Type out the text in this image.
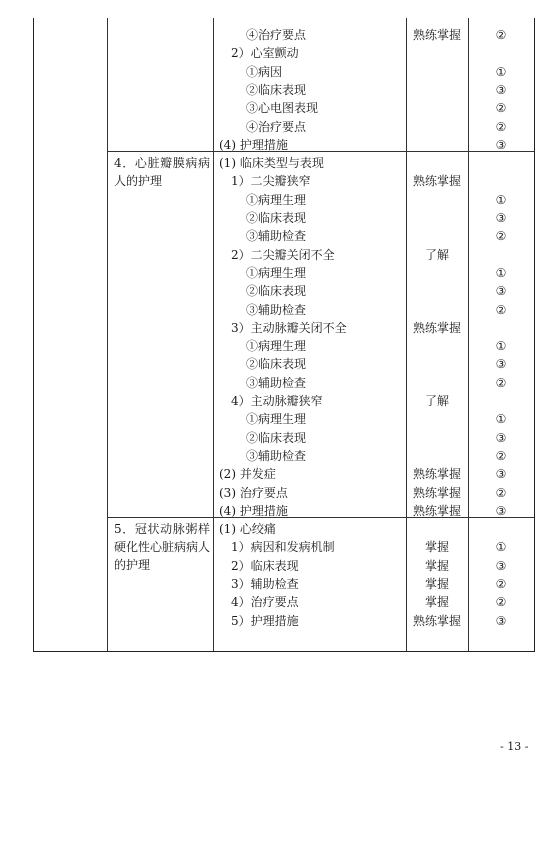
④治疗要点	熟练掌握	②
2）心室颤动
①病因	①
②临床表现	③
③心电图表现	②
④治疗要点	②
(4) 护理措施	③
4．心脏瓣膜病病人的护理
(1) 临床类型与表现
1）二尖瓣狭窄	熟练掌握
①病理生理	①
②临床表现	③
③辅助检查	②
2）二尖瓣关闭不全	了解
①病理生理	①
②临床表现	③
③辅助检查	②
3）主动脉瓣关闭不全	熟练掌握
①病理生理	①
②临床表现	③
③辅助检查	②
4）主动脉瓣狭窄	了解
①病理生理	①
②临床表现	③
③辅助检查	②
(2) 并发症	熟练掌握	③
(3) 治疗要点	熟练掌握	②
(4) 护理措施	熟练掌握	③
5．冠状动脉粥样硬化性心脏病病人的护理
(1) 心绞痛
1）病因和发病机制	掌握	①
2）临床表现	掌握	③
3）辅助检查	掌握	②
4）治疗要点	掌握	②
5）护理措施	熟练掌握	③
- 13 -
